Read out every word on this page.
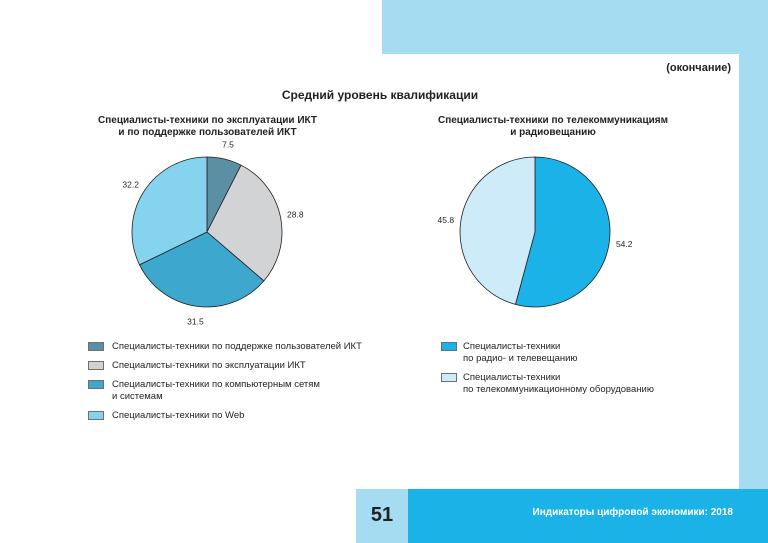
(окончание)
Средний уровень квалификации
Специалисты-техники по эксплуатации ИКТ
и по поддержке пользователей ИКТ
Специалисты-техники по телекоммуникациям
и радиовещанию
7.5
28.8
31.5
32.2
54.2
45.8
Специалисты-техники по поддержке пользователей ИКТ
Специалисты-техники по эксплуатации ИКТ
Специалисты-техники по компьютерным сетям
и системам
Специалисты-техники по Web
Специалисты-техники
по радио- и телевещанию
Специалисты-техники
по телекоммуникационному оборудованию
51	Индикаторы цифровой экономики: 2018
